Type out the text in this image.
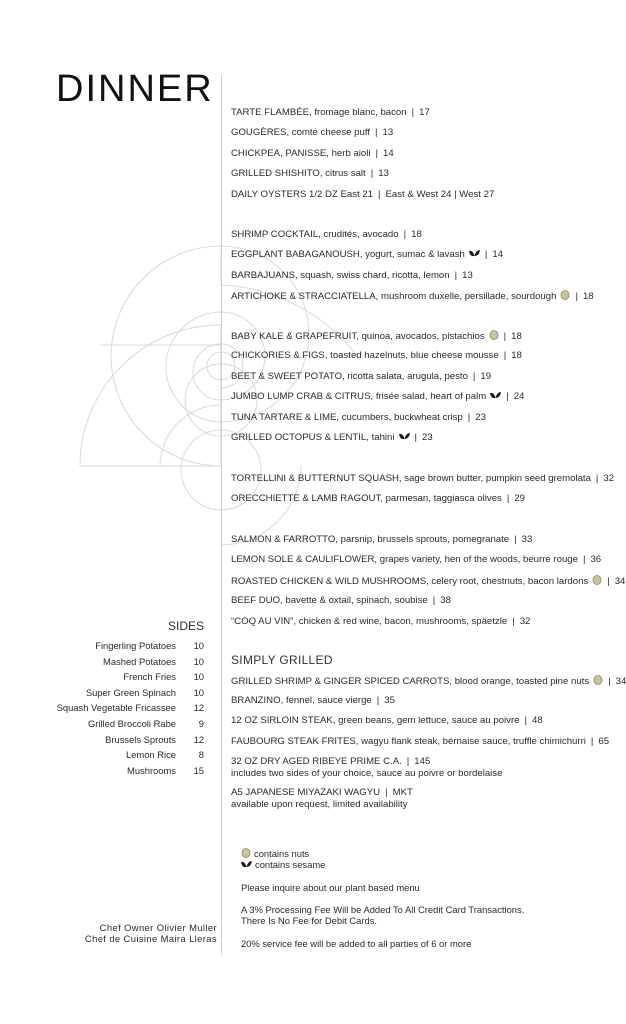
DINNER
TARTE FLAMBÉE, fromage blanc, bacon | 17
GOUGÈRES, comté cheese puff | 13
CHICKPEA, PANISSE, herb aioli | 14
GRILLED SHISHITO, citrus salt | 13
DAILY OYSTERS 1/2 DZ East 21 | East & West 24 | West 27
SHRIMP COCKTAIL, crudités, avocado | 18
EGGPLANT BABAGANOUSH, yogurt, sumac & lavash | 14
BARBAJUANS, squash, swiss chard, ricotta, lemon | 13
ARTICHOKE & STRACCIATELLA, mushroom duxelle, persillade, sourdough | 18
BABY KALE & GRAPEFRUIT, quinoa, avocados, pistachios | 18
CHICKORIES & FIGS, toasted hazelnuts, blue cheese mousse | 18
BEET & SWEET POTATO, ricotta salata, arugula, pesto | 19
JUMBO LUMP CRAB & CITRUS, frisée salad, heart of palm | 24
TUNA TARTARE & LIME, cucumbers, buckwheat crisp | 23
GRILLED OCTOPUS & LENTIL, tahini | 23
TORTELLINI & BUTTERNUT SQUASH, sage brown butter, pumpkin seed gremolata | 32
ORECCHIETTE & LAMB RAGOUT, parmesan, taggiasca olives | 29
SALMON & FARROTTO, parsnip, brussels sprouts, pomegranate | 33
LEMON SOLE & CAULIFLOWER, grapes variety, hen of the woods, beurre rouge | 36
ROASTED CHICKEN & WILD MUSHROOMS, celery root, chestnuts, bacon lardons | 34
BEEF DUO, bavette & oxtail, spinach, soubise | 38
“COQ AU VIN”, chicken & red wine, bacon, mushrooms, späetzle | 32
GRILLED SHRIMP & GINGER SPICED CARROTS, blood orange, toasted pine nuts | 34
BRANZINO, fennel, sauce vierge | 35
12 OZ SIRLOIN STEAK, green beans, gem lettuce, sauce au poivre | 48
FAUBOURG STEAK FRITES, wagyu flank steak, bérnaise sauce, truffle chimichurri | 65
32 OZ DRY AGED RIBEYE PRIME C.A. | 145
includes two sides of your choice, sauce au poivre or bordelaise
A5 JAPANESE MIYAZAKI WAGYU | MKT
available upon request, limited availability
SIMPLY GRILLED
SIDES
Fingerling Potatoes 10
Mashed Potatoes 10
French Fries 10
Super Green Spinach 10
Squash Vegetable Fricassee 12
Grilled Broccoli Rabe 9
Brussels Sprouts 12
Lemon Rice 8
Mushrooms 15
Chef Owner Olivier Muller
Chef de Cuisine Maira Lleras
contains nuts
contains sesame
Please inquire about our plant based menu
A 3% Processing Fee Will be Added To All Credit Card Transactions.
There Is No Fee for Debit Cards.
20% service fee will be added to all parties of 6 or more
